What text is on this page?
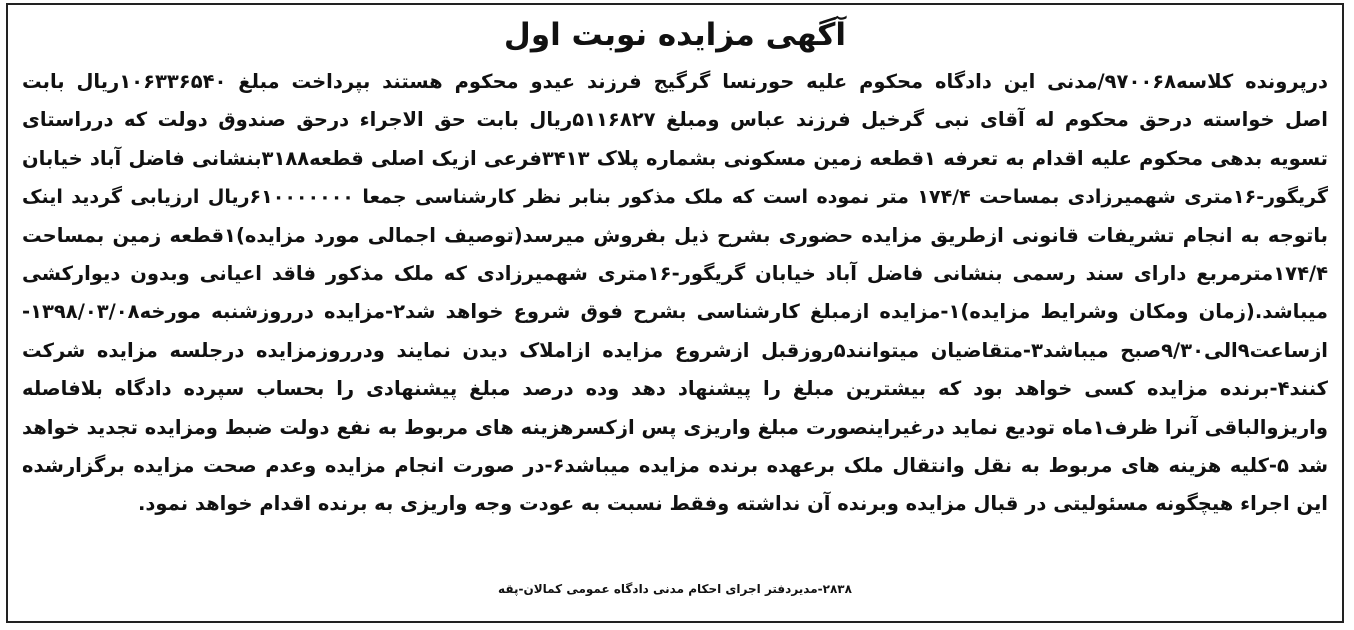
آگهی مزایده نوبت اول
درپرونده کلاسه۹۷۰۰۶۸/مدنی این دادگاه محکوم علیه حورنسا گرگیج فرزند عیدو محکوم هستند بپرداخت مبلغ ۱۰۶۳۳۶۵۴۰ریال بابت
اصل خواسته درحق محکوم له آقای نبی گرخیل فرزند عباس ومبلغ ۵۱۱۶۸۲۷ریال بابت حق الاجراء درحق صندوق دولت که درراستای
تسویه بدهی محکوم علیه اقدام به تعرفه ۱قطعه زمین مسکونی بشماره پلاک ۳۴۱۳فرعی ازیک اصلی قطعه۳۱۸۸بنشانی فاضل آباد خیابان
گریگور-۱۶متری شهمیرزادی بمساحت ۱۷۴/۴ متر نموده است که ملک مذکور بنابر نظر کارشناسی جمعا ۶۱۰۰۰۰۰۰۰ریال ارزیابی گردید اینک
باتوجه به انجام تشریفات قانونی ازطریق مزایده حضوری بشرح ذیل بفروش میرسد(توصیف اجمالی مورد مزایده)۱قطعه زمین بمساحت
۱۷۴/۴مترمربع دارای سند رسمی بنشانی فاضل آباد خیابان گریگور-۱۶متری شهمیرزادی که ملک مذکور فاقد اعیانی وبدون دیوارکشی
میباشد.(زمان ومکان وشرایط مزایده)۱-مزایده ازمبلغ کارشناسی بشرح فوق شروع خواهد شد۲-مزایده درروزشنبه مورخه۱۳۹۸/۰۳/۰۸-
ازساعت۹الی۹/۳۰صبح میباشد۳-متقاضیان میتوانند۵روزقبل ازشروع مزایده ازاملاک دیدن نمایند ودرروزمزایده درجلسه مزایده شرکت
کنند۴-برنده مزایده کسی خواهد بود که بیشترین مبلغ را پیشنهاد دهد وده درصد مبلغ پیشنهادی را بحساب سپرده دادگاه بلافاصله
واریزوالباقی آنرا ظرف۱ماه تودیع نماید درغیراینصورت مبلغ واریزی پس ازکسرهزینه های مربوط به نفع دولت ضبط ومزایده تجدید خواهد
شد ۵-کلیه هزینه های مربوط به نقل وانتقال ملک برعهده برنده مزایده میباشد۶-در صورت انجام مزایده وعدم صحت مزایده برگزارشده
این اجراء هیچگونه مسئولیتی در قبال مزایده وبرنده آن نداشته وفقط نسبت به عودت وجه واریزی به برنده اقدام خواهد نمود.
۲۸۳۸-مدیردفتر اجرای احکام مدنی دادگاه عمومی کمالان-پقه
